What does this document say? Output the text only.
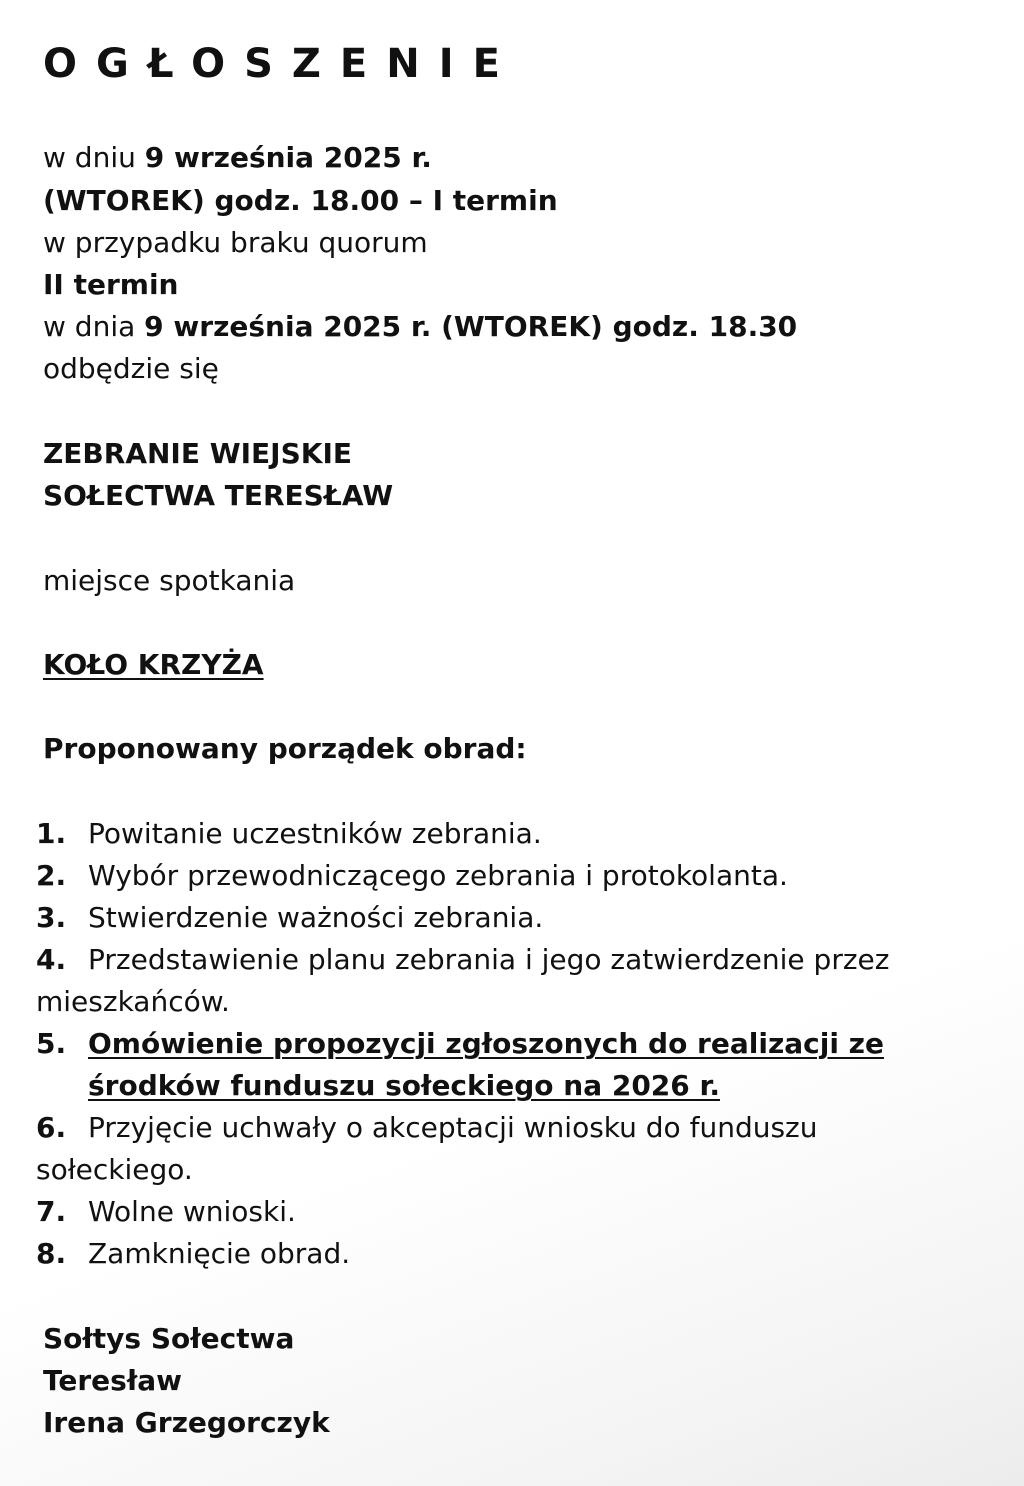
OGŁOSZENIE
w dniu 9 września 2025 r.
(WTOREK) godz. 18.00 – I termin
w przypadku braku quorum
II termin
w dnia 9 września 2025 r. (WTOREK) godz. 18.30
odbędzie się
ZEBRANIE WIEJSKIE
SOŁECTWA TERESŁAW
miejsce spotkania
KOŁO KRZYŻA
Proponowany porządek obrad:
1. Powitanie uczestników zebrania.
2. Wybór przewodniczącego zebrania i protokolanta.
3. Stwierdzenie ważności zebrania.
4. Przedstawienie planu zebrania i jego zatwierdzenie przez
mieszkańców.
5. Omówienie propozycji zgłoszonych do realizacji ze
środków funduszu sołeckiego na 2026 r.
6. Przyjęcie uchwały o akceptacji wniosku do funduszu
sołeckiego.
7. Wolne wnioski.
8. Zamknięcie obrad.
Sołtys Sołectwa
Teresław
Irena Grzegorczyk
